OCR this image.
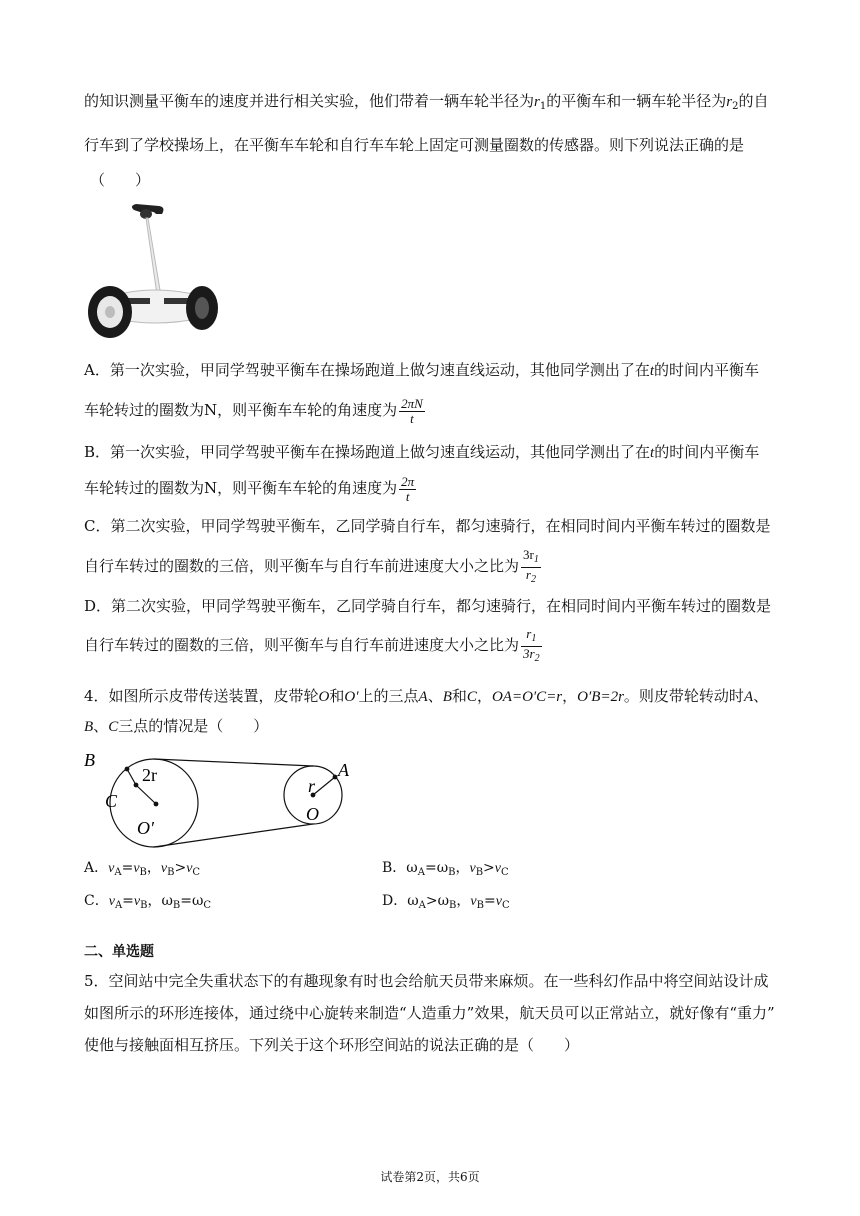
的知识测量平衡车的速度并进行相关实验，他们带着一辆车轮半径为$r_1$的平衡车和一辆车轮半径为$r_2$的自
行车到了学校操场上，在平衡车车轮和自行车车轮上固定可测量圈数的传感器。则下列说法正确的是
（　　）
A．第一次实验，甲同学驾驶平衡车在操场跑道上做匀速直线运动，其他同学测出了在t的时间内平衡车
车轮转过的圈数为N，则平衡车车轮的角速度为 $\frac{2\pi N}{t}$
B．第一次实验，甲同学驾驶平衡车在操场跑道上做匀速直线运动，其他同学测出了在t的时间内平衡车
车轮转过的圈数为N，则平衡车车轮的角速度为 $\frac{2\pi}{t}$
C．第二次实验，甲同学驾驶平衡车，乙同学骑自行车，都匀速骑行，在相同时间内平衡车转过的圈数是
自行车转过的圈数的三倍，则平衡车与自行车前进速度大小之比为 $\frac{3r_1}{r_2}$
D．第二次实验，甲同学驾驶平衡车，乙同学骑自行车，都匀速骑行，在相同时间内平衡车转过的圈数是
自行车转过的圈数的三倍，则平衡车与自行车前进速度大小之比为 $\frac{r_1}{3r_2}$
4．如图所示皮带传送装置，皮带轮O和O′上的三点A、B和C，OA=O′C=r，O′B=2r。则皮带轮转动时A、
B、C三点的情况是（　　）
B
2r
C
O′
r
A
O
A．$v_A=v_B$，$v_B>v_C$	B．$\omega_A=\omega_B$，$v_B>v_C$
C．$v_A=v_B$，$\omega_B=\omega_C$	D．$\omega_A>\omega_B$，$v_B=v_C$
二、单选题
5．空间站中完全失重状态下的有趣现象有时也会给航天员带来麻烦。在一些科幻作品中将空间站设计成
如图所示的环形连接体，通过绕中心旋转来制造“人造重力”效果，航天员可以正常站立，就好像有“重力”
使他与接触面相互挤压。下列关于这个环形空间站的说法正确的是（　　）
试卷第2页，共6页
